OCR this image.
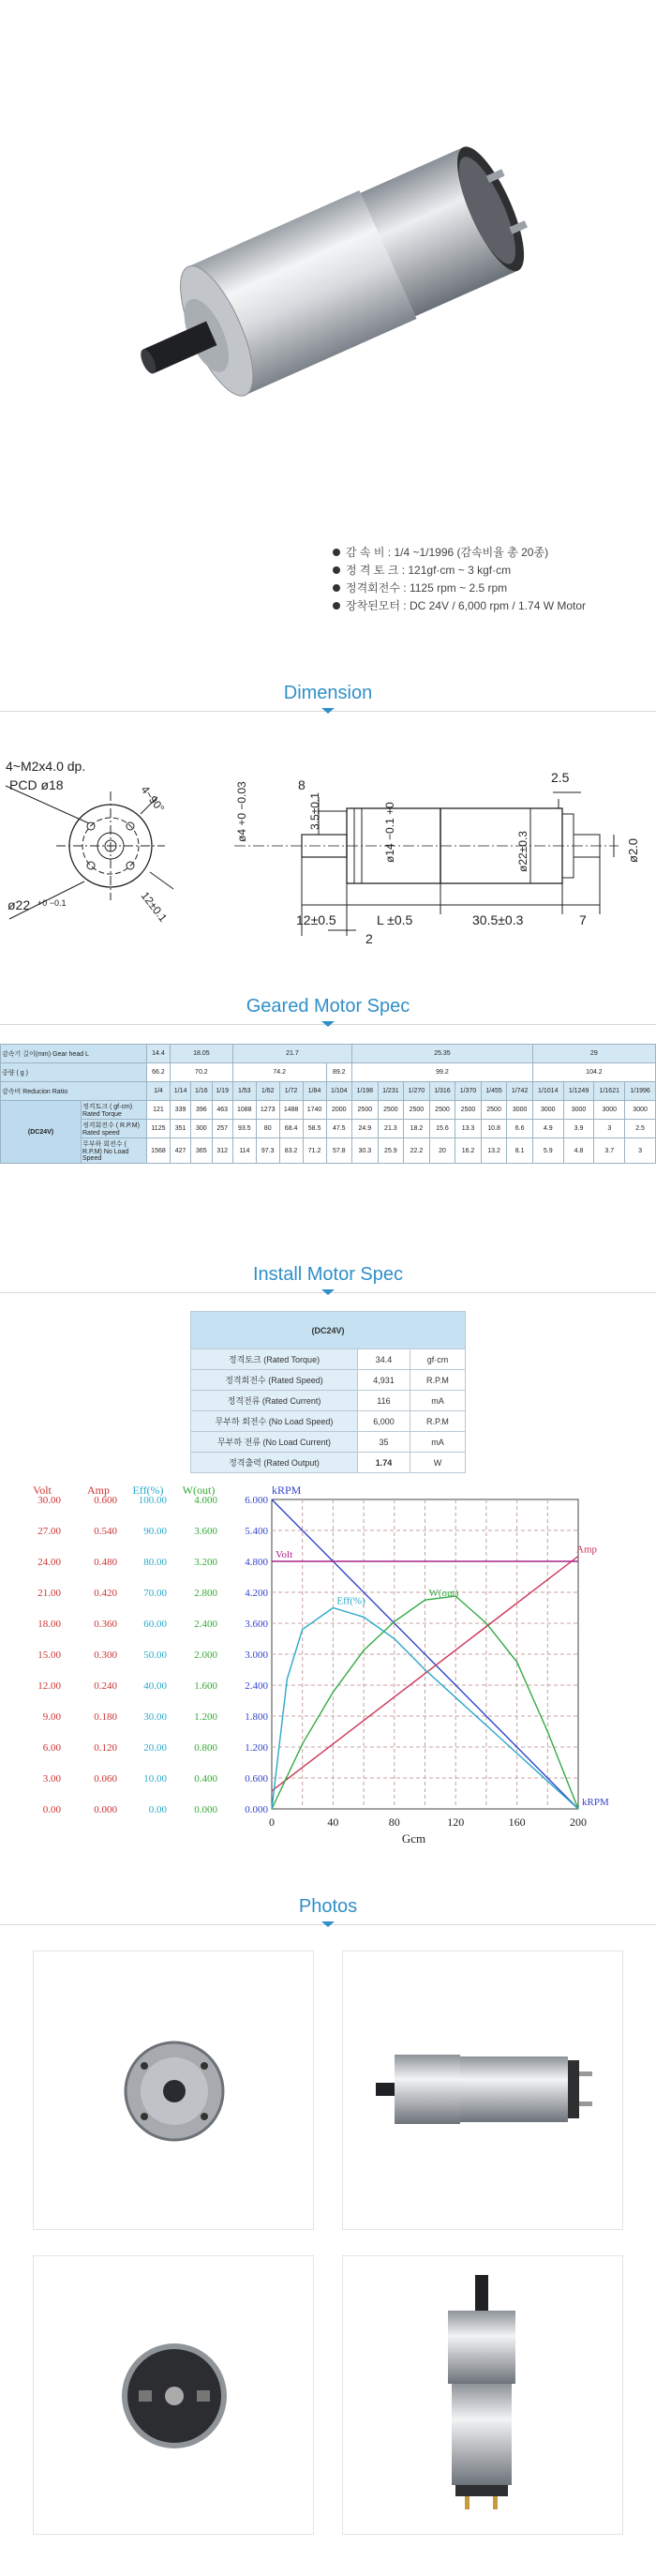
감 속 비 : 1/4 ~1/1996 (감속비율 총 20종)
정 격 토 크 : 121gf·cm ~ 3 kgf·cm
정격회전수 : 1125 rpm ~ 2.5 rpm
장착된모터 : DC 24V / 6,000 rpm / 1.74 W Motor
Dimension
4~M2x4.0 dp.
PCD ø18	4~90°
ø22 +0 −0.1	12±0.1
8	2.5
3.5±0.1
ø4 +0 −0.03	ø14 −0.1 +0	ø22±0.3	ø2.0
12±0.5	L ±0.5	30.5±0.3	7
2
Geared Motor Spec
감속기 길이(mm) Gear head L		14.4	18.05			21.7					25.35							29			
중량 ( g )		66.2	70.2			74.2				89.2	99.2							104.2			
감속비 Reducion Ratio		1/4	1/14	1/16	1/19	1/53	1/62	1/72	1/84	1/104	1/198	1/231	1/270	1/316	1/370	1/455	1/742	1/1014	1/1249	1/1621	1/1996
(DC24V)	정격토크 ( gf·cm) Rated Torque	121	339	396	463	1088	1273	1488	1740	2000	2500	2500	2500	2500	2500	2500	3000	3000	3000	3000	3000
	정격회전수 ( R.P.M) Rated speed	1125	351	300	257	93.5	80	68.4	58.5	47.5	24.9	21.3	18.2	15.6	13.3	10.8	6.6	4.9	3.9	3	2.5
	무부하 회전수 ( R.P.M) No Load Speed	1568	427	365	312	114	97.3	83.2	71.2	57.8	30.3	25.9	22.2	20	16.2	13.2	8.1	5.9	4.8	3.7	3
Install Motor Spec
(DC24V)		
정격토크 (Rated Torque)	34.4	gf·cm
정격회전수 (Rated Speed)	4,931	R.P.M
정격전류 (Rated Current)	116	mA
무부하 회전수 (No Load Speed)	6,000	R.P.M
무부하 전류 (No Load Current)	35	mA
정격출력 (Rated Output)	1.74	W
Volt
0.00
3.00
6.00
9.00
12.00
15.00
18.00
21.00
24.00
27.00
30.00
Amp
0.000
0.060
0.120
0.180
0.240
0.300
0.360
0.420
0.480
0.540
0.600
Eff(%)
0.00
10.00
20.00
30.00
40.00
50.00
60.00
70.00
80.00
90.00
100.00
W(out)
0.000
0.400
0.800
1.200
1.600
2.000
2.400
2.800
3.200
3.600
4.000
kRPM
0.000
0.600
1.200
1.800
2.400
3.000
3.600
4.200
4.800
5.400
6.000
0	40	80	120	160	200
Gcm
kRPM
Amp
Volt
W(out)
Eff(%)
Photos
